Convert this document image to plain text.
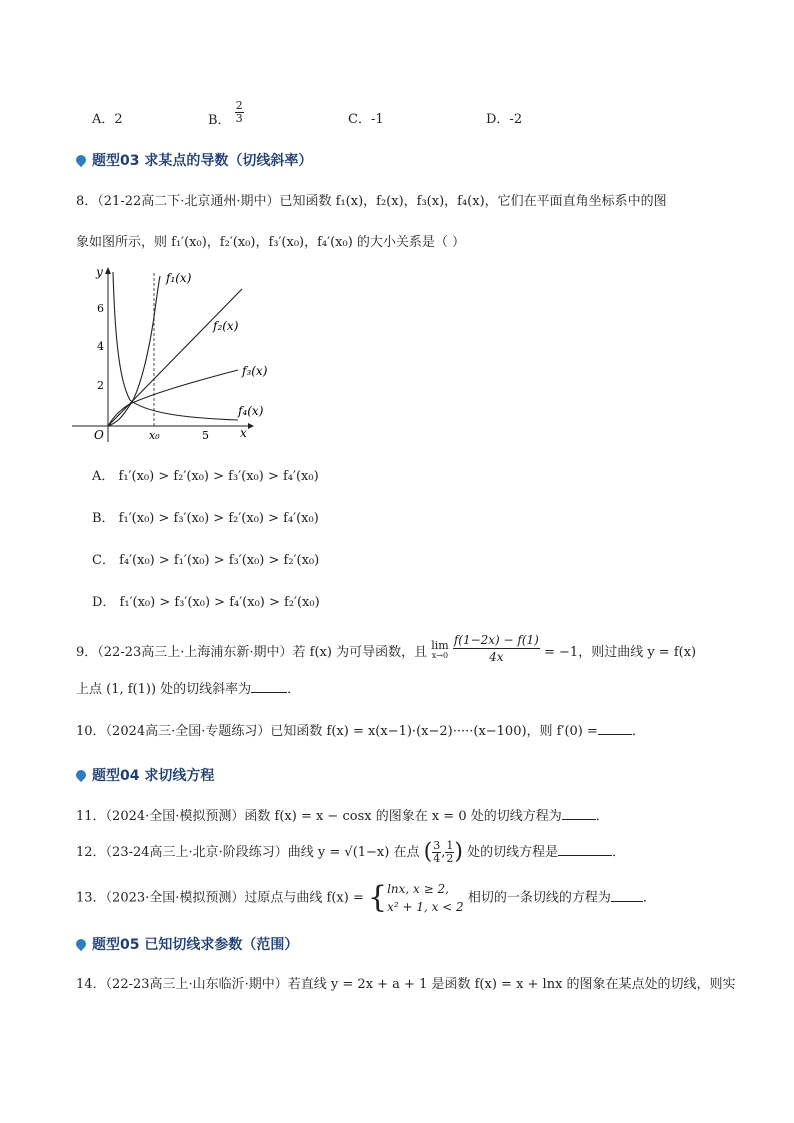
A．2	B． $\frac{2}{3}$	C．-1	D．-2
题型03 求某点的导数（切线斜率）
8．（21-22高二下·北京通州·期中）已知函数 f₁(x)，f₂(x)，f₃(x)，f₄(x)，它们在平面直角坐标系中的图
象如图所示，则 f₁′(x₀)，f₂′(x₀)，f₃′(x₀)，f₄′(x₀) 的大小关系是（ ）
y
x
O
6
4
2
5
x₀
f₁(x)
f₂(x)
f₃(x)
f₄(x)
A． f₁′(x₀) > f₂′(x₀) > f₃′(x₀) > f₄′(x₀)
B． f₁′(x₀) > f₃′(x₀) > f₂′(x₀) > f₄′(x₀)
C． f₄′(x₀) > f₁′(x₀) > f₃′(x₀) > f₂′(x₀)
D． f₁′(x₀) > f₃′(x₀) > f₄′(x₀) > f₂′(x₀)
9．（22-23高三上·上海浦东新·期中）若 f(x) 为可导函数，且 lim
x→0
$\frac{f(1-2x) - f(1)}{4x} = -1$，则过曲线 y = f(x)
上点 (1, f(1)) 处的切线斜率为	．
10．（2024高三·全国·专题练习）已知函数 f(x) = x(x−1)·(x−2)·····(x−100)，则 f′(0) =	．
题型04 求切线方程
11．（2024·全国·模拟预测）函数 f(x) = x − cosx 的图象在 x = 0 处的切线方程为	．
12．（23-24高三上·北京·阶段练习）曲线 y = √(1−x) 在点 ( $\frac{3}{4}$ , $\frac{1}{2}$ ) 处的切线方程是	．
13．（2023·全国·模拟预测）过原点与曲线 f(x) = { lnx, x ≥ 2,
x² + 1, x < 2
相切的一条切线的方程为 ．
题型05 已知切线求参数（范围）
14．（22-23高三上·山东临沂·期中）若直线 y = 2x + a + 1 是函数 f(x) = x + lnx 的图象在某点处的切线，则实
